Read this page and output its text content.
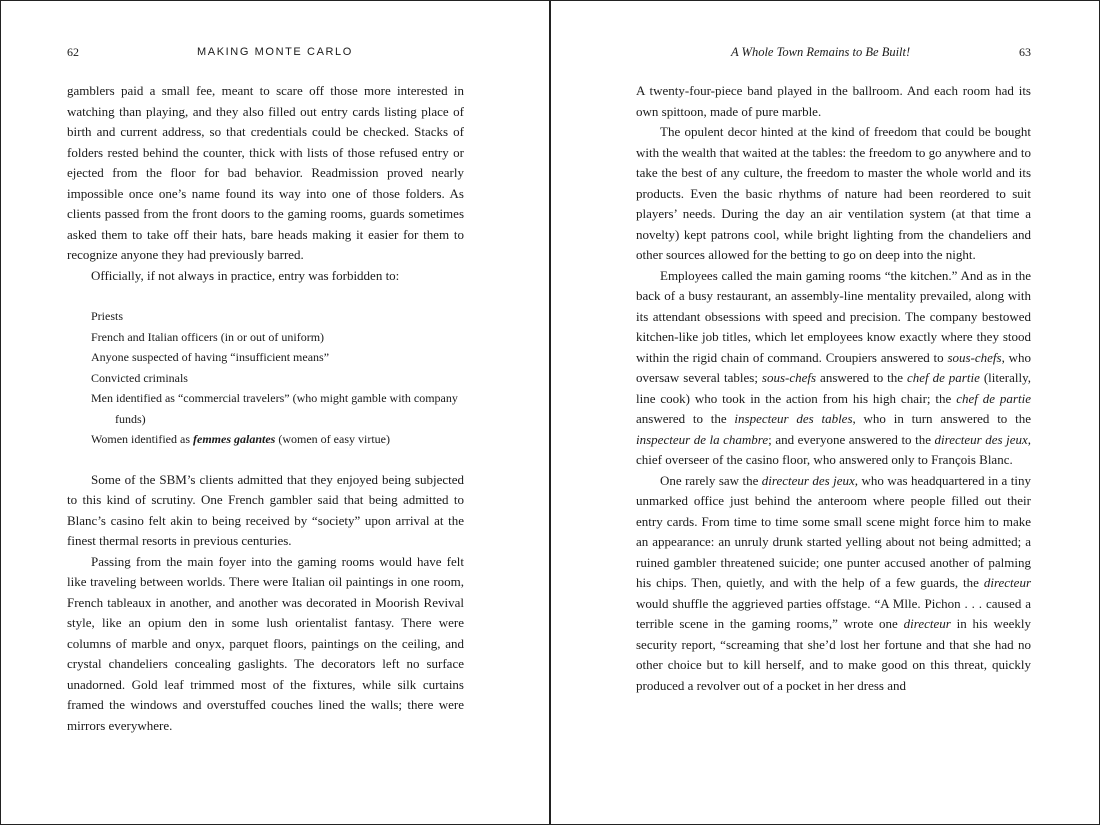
62	MAKING MONTE CARLO

gamblers paid a small fee, meant to scare off those more interested in watching than playing, and they also filled out entry cards listing place of birth and current address, so that credentials could be checked. Stacks of folders rested behind the counter, thick with lists of those refused entry or ejected from the floor for bad behavior. Readmission proved nearly impossible once one’s name found its way into one of those folders. As clients passed from the front doors to the gaming rooms, guards sometimes asked them to take off their hats, bare heads making it easier for them to recognize anyone they had previously barred.

Officially, if not always in practice, entry was forbidden to:

Priests
French and Italian officers (in or out of uniform)
Anyone suspected of having “insufficient means”
Convicted criminals
Men identified as “commercial travelers” (who might gamble with company funds)
Women identified as femmes galantes (women of easy virtue)

Some of the SBM’s clients admitted that they enjoyed being subjected to this kind of scrutiny. One French gambler said that being admitted to Blanc’s casino felt akin to being received by “society” upon arrival at the finest thermal resorts in previous centuries.

Passing from the main foyer into the gaming rooms would have felt like traveling between worlds. There were Italian oil paintings in one room, French tableaux in another, and another was decorated in Moorish Revival style, like an opium den in some lush orientalist fantasy. There were columns of marble and onyx, parquet floors, paintings on the ceiling, and crystal chandeliers concealing gaslights. The decorators left no surface unadorned. Gold leaf trimmed most of the fixtures, while silk curtains framed the windows and overstuffed couches lined the walls; there were mirrors everywhere.

A Whole Town Remains to Be Built!	63

A twenty-four-piece band played in the ballroom. And each room had its own spittoon, made of pure marble.

The opulent decor hinted at the kind of freedom that could be bought with the wealth that waited at the tables: the freedom to go anywhere and to take the best of any culture, the freedom to master the whole world and its products. Even the basic rhythms of nature had been reordered to suit players’ needs. During the day an air ventilation system (at that time a novelty) kept patrons cool, while bright lighting from the chandeliers and other sources allowed for the betting to go on deep into the night.

Employees called the main gaming rooms “the kitchen.” And as in the back of a busy restaurant, an assembly-line mentality prevailed, along with its attendant obsessions with speed and precision. The company bestowed kitchen-like job titles, which let employees know exactly where they stood within the rigid chain of command. Croupiers answered to sous-chefs, who oversaw several tables; sous-chefs answered to the chef de partie (literally, line cook) who took in the action from his high chair; the chef de partie answered to the inspecteur des tables, who in turn answered to the inspecteur de la chambre; and everyone answered to the directeur des jeux, chief overseer of the casino floor, who answered only to François Blanc.

One rarely saw the directeur des jeux, who was headquartered in a tiny unmarked office just behind the anteroom where people filled out their entry cards. From time to time some small scene might force him to make an appearance: an unruly drunk started yelling about not being admitted; a ruined gambler threatened suicide; one punter accused another of palming his chips. Then, quietly, and with the help of a few guards, the directeur would shuffle the aggrieved parties offstage. “A Mlle. Pichon . . . caused a terrible scene in the gaming rooms,” wrote one directeur in his weekly security report, “screaming that she’d lost her fortune and that she had no other choice but to kill herself, and to make good on this threat, quickly produced a revolver out of a pocket in her dress and
